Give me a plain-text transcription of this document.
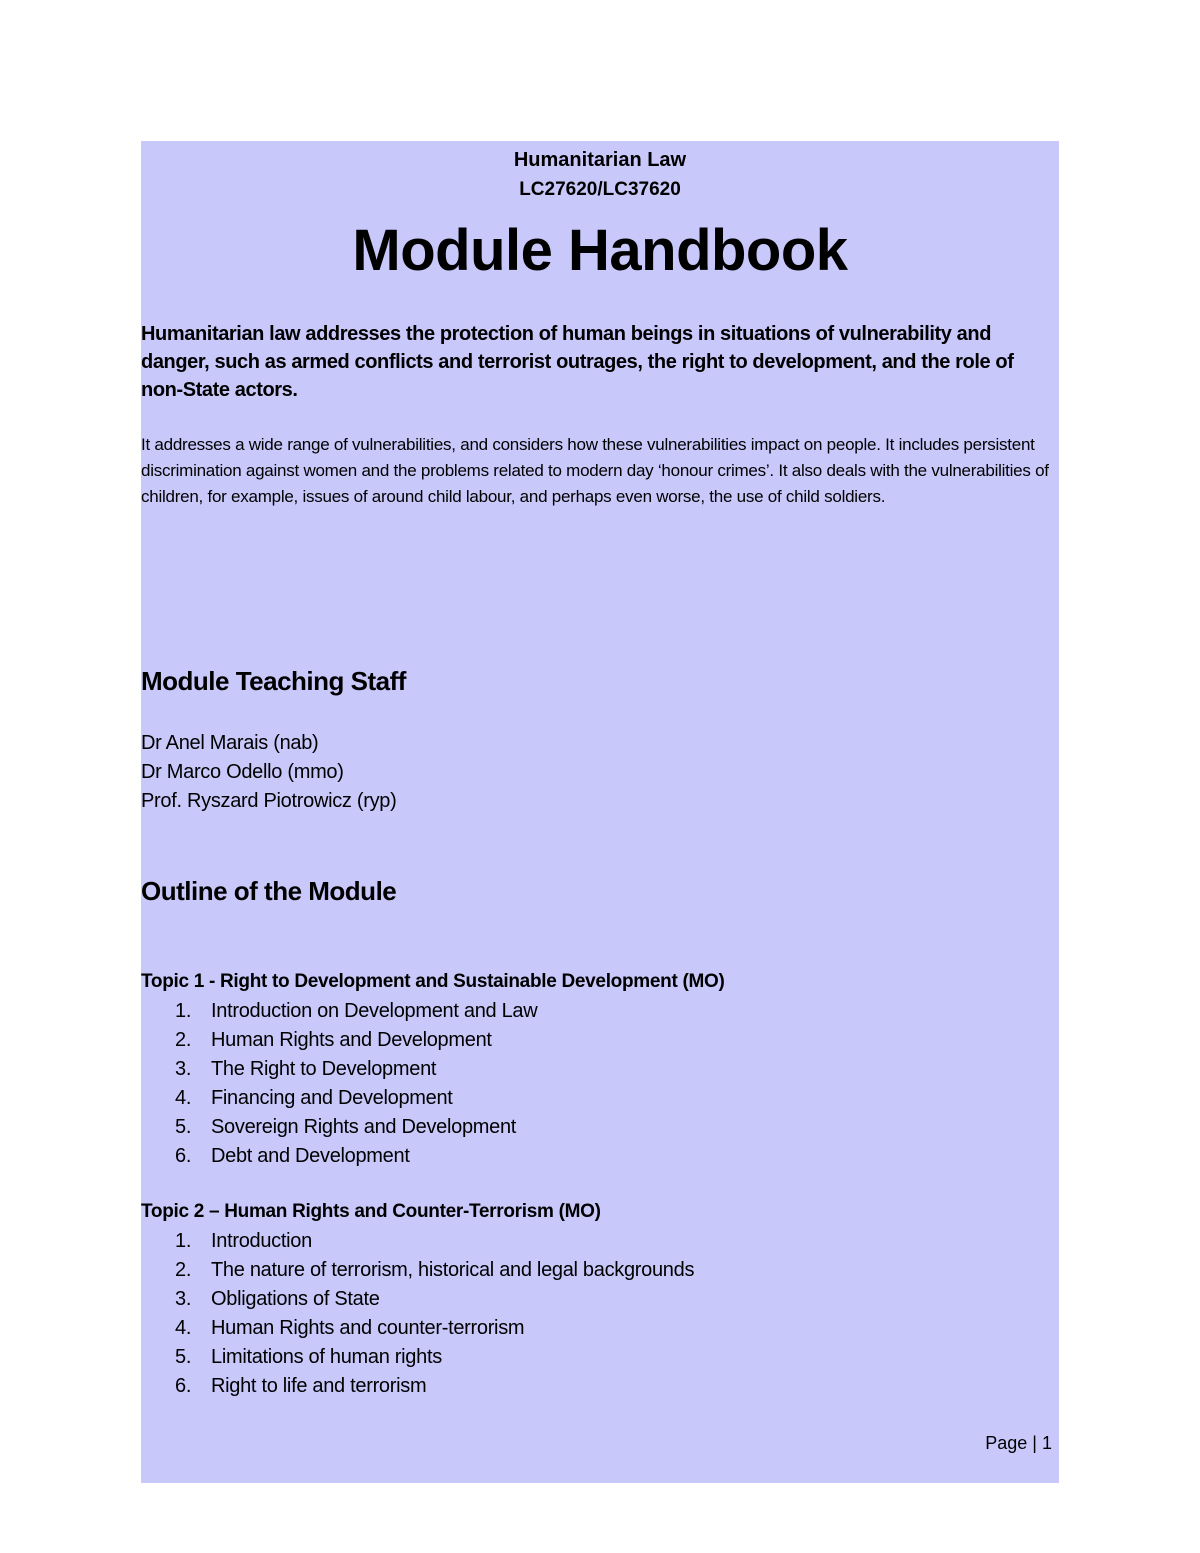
Humanitarian Law

LC27620/LC37620

Module Handbook

Humanitarian law addresses the protection of human beings in situations of vulnerability and danger, such as armed conflicts and terrorist outrages, the right to development, and the role of non-State actors.

It addresses a wide range of vulnerabilities, and considers how these vulnerabilities impact on people. It includes persistent discrimination against women and the problems related to modern day ‘honour crimes’. It also deals with the vulnerabilities of children, for example, issues of around child labour, and perhaps even worse, the use of child soldiers.

Module Teaching Staff
Dr Anel Marais (nab)
Dr Marco Odello (mmo)
Prof. Ryszard Piotrowicz (ryp)
Outline of the Module

Topic 1 - Right to Development and Sustainable Development (MO)

1. Introduction on Development and Law
2. Human Rights and Development
3. The Right to Development
4. Financing and Development
5. Sovereign Rights and Development
6. Debt and Development

Topic 2 – Human Rights and Counter-Terrorism (MO)

1. Introduction
2. The nature of terrorism, historical and legal backgrounds
3. Obligations of State
4. Human Rights and counter-terrorism
5. Limitations of human rights
6. Right to life and terrorism

Page | 1
